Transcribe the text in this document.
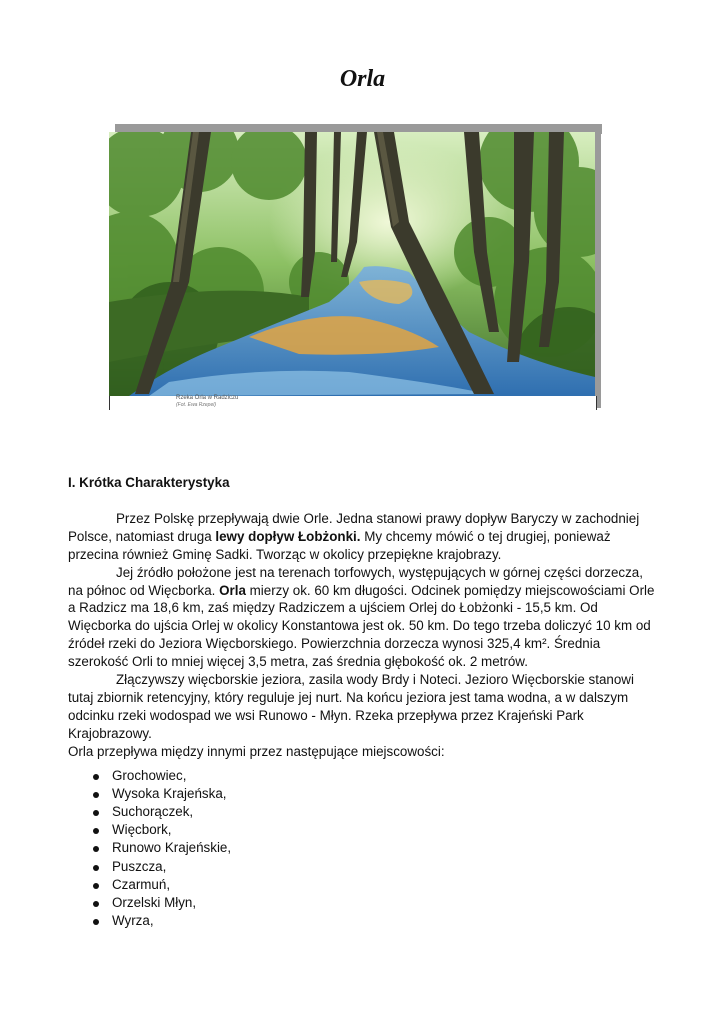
Orla
Rzeka Orla w Radziczu
(Fot. Ewa Rzepel)
I. Krótka Charakterystyka

Przez Polskę przepływają dwie Orle. Jedna stanowi prawy dopływ Baryczy w zachodniej Polsce, natomiast druga lewy dopływ Łobżonki. My chcemy mówić o tej drugiej, ponieważ przecina również Gminę Sadki. Tworząc w okolicy przepiękne krajobrazy.

Jej źródło położone jest na terenach torfowych, występujących w górnej części dorzecza, na północ od Więcborka. Orla mierzy ok. 60 km długości. Odcinek pomiędzy miejscowościami Orle a Radzicz ma 18,6 km, zaś między Radziczem a ujściem Orlej do Łobżonki - 15,5 km. Od Więcborka do ujścia Orlej w okolicy Konstantowa jest ok. 50 km. Do tego trzeba doliczyć 10 km od źródeł rzeki do Jeziora Więcborskiego. Powierzchnia dorzecza wynosi 325,4 km². Średnia szerokość Orli to mniej więcej 3,5 metra, zaś średnia głębokość ok. 2 metrów.

Złączywszy więcborskie jeziora, zasila wody Brdy i Noteci. Jezioro Więcborskie stanowi tutaj zbiornik retencyjny, który reguluje jej nurt. Na końcu jeziora jest tama wodna, a w dalszym odcinku rzeki wodospad we wsi Runowo - Młyn. Rzeka przepływa przez Krajeński Park Krajobrazowy.

Orla przepływa między innymi przez następujące miejscowości:

Grochowiec,
Wysoka Krajeńska,
Suchorączek,
Więcbork,
Runowo Krajeńskie,
Puszcza,
Czarmuń,
Orzelski Młyn,
Wyrza,
